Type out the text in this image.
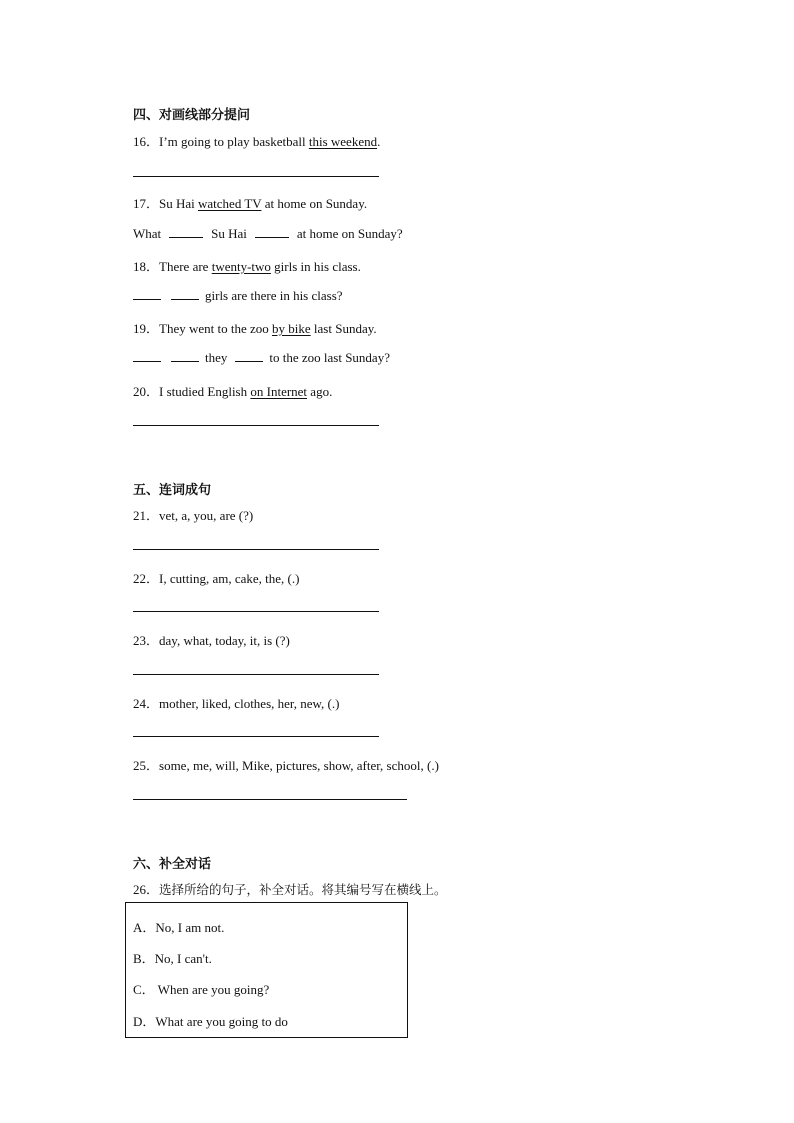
四、对画线部分提问
16．I’m going to play basketball this weekend.
17．Su Hai watched TV at home on Sunday.
What	Su Hai	at home on Sunday?
18．There are twenty-two girls in his class.
girls are there in his class?
19．They went to the zoo by bike last Sunday.
they	to the zoo last Sunday?
20．I studied English on Internet ago.
五、连词成句
21．vet, a, you, are (?)
22．I, cutting, am, cake, the, (.)
23．day, what, today, it, is (?)
24．mother, liked, clothes, her, new, (.)
25．some, me, will, Mike, pictures, show, after, school, (.)
六、补全对话
26．选择所给的句子，补全对话。将其编号写在横线上。
A．No, I am not.
B．No, I can't.
C． When are you going?
D．What are you going to do
